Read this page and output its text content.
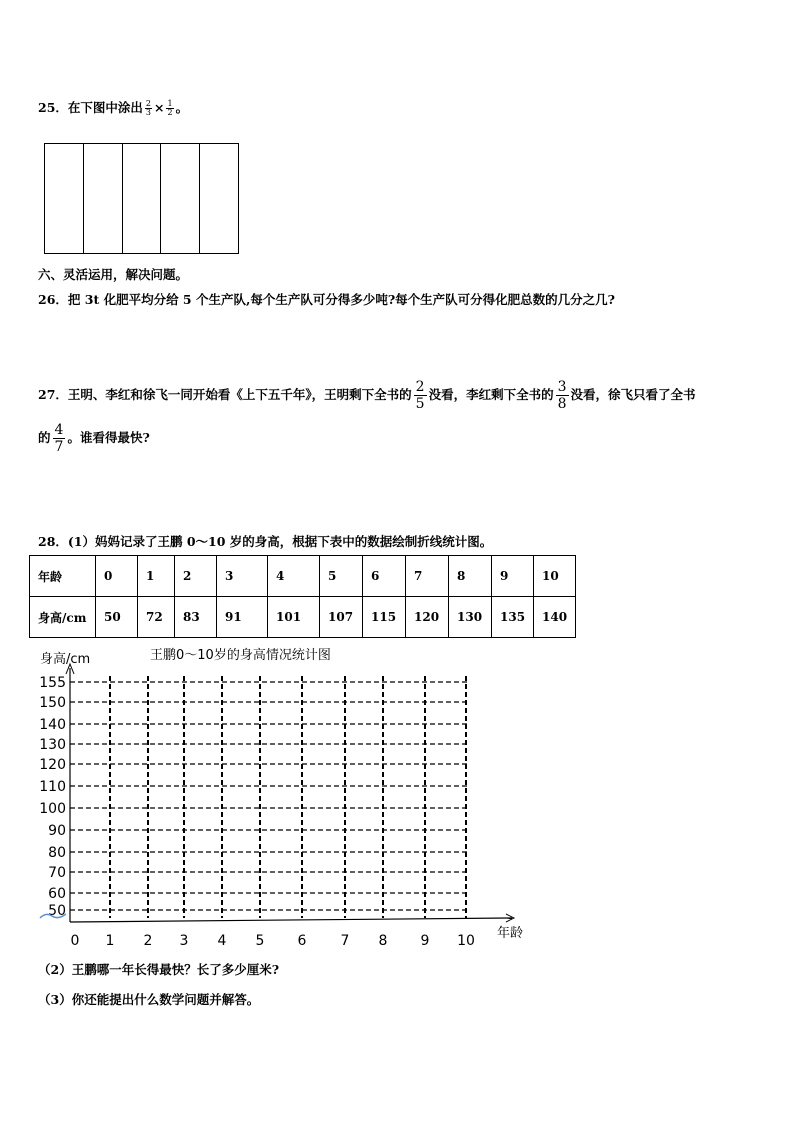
25．在下图中涂出 $\frac{2}{3} \times \frac{1}{2}$ 。
六、灵活运用，解决问题。
26．把 3t 化肥平均分给 5 个生产队,每个生产队可分得多少吨?每个生产队可分得化肥总数的几分之几?
27．王明、李红和徐飞一同开始看《上下五千年》，王明剩下全书的 $\frac{2}{5}$ 没看，李红剩下全书的 $\frac{3}{8}$ 没看，徐飞只看了全书
的 $\frac{4}{7}$ 。谁看得最快?
28．(1）妈妈记录了王鹏 0～10 岁的身高，根据下表中的数据绘制折线统计图。
年龄	0	1	2	3	4	5	6	7	8	9	10
身高/cm	50	72	83	91	101	107	115	120	130	135	140
身高/cm	王鹏0～10岁的身高情况统计图
50
60
70
80
90
100
110
120
130
140
150
155
0 1 2 3 4 5 6 7 8 9 10 年龄
（2）王鹏哪一年长得最快？长了多少厘米?
（3）你还能提出什么数学问题并解答。
